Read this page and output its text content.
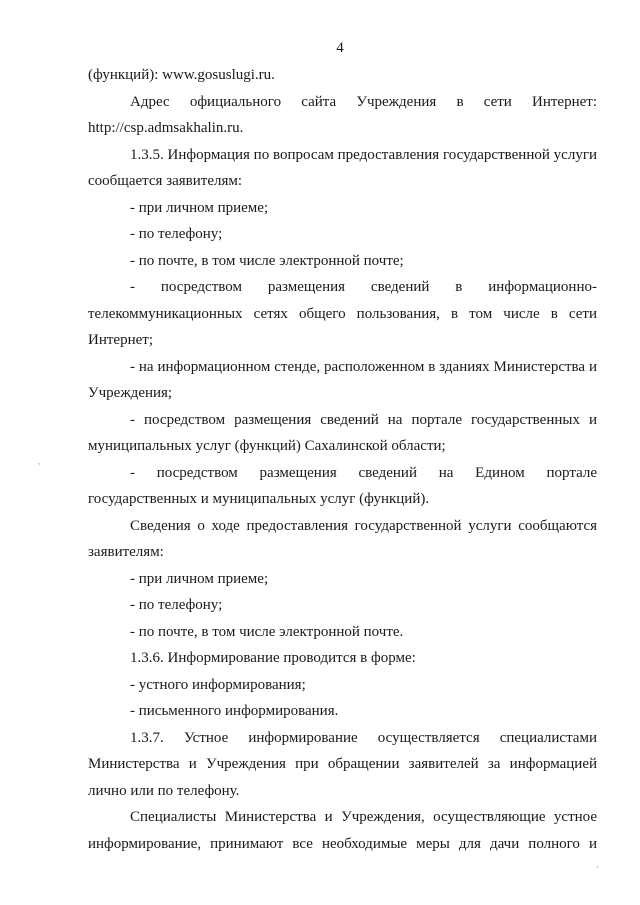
4

(функций): www.gosuslugi.ru.

Адрес официального сайта Учреждения в сети Интернет: http://csp.admsakhalin.ru.

1.3.5. Информация по вопросам предоставления государственной услуги сообщается заявителям:

- при личном приеме;

- по телефону;

- по почте, в том числе электронной почте;

- посредством размещения сведений в информационно-

телекоммуникационных сетях общего пользования, в том числе в сети Интернет;

- на информационном стенде, расположенном в зданиях Министерства и Учреждения;

- посредством размещения сведений на портале государственных и муниципальных услуг (функций) Сахалинской области;

- посредством размещения сведений на Едином портале государственных и муниципальных услуг (функций).

Сведения о ходе предоставления государственной услуги сообщаются заявителям:

- при личном приеме;

- по телефону;

- по почте, в том числе электронной почте.

1.3.6. Информирование проводится в форме:

- устного информирования;

- письменного информирования.

1.3.7. Устное информирование осуществляется специалистами Министерства и Учреждения при обращении заявителей за информацией лично или по телефону.

Специалисты Министерства и Учреждения, осуществляющие устное информирование, принимают все необходимые меры для дачи полного и

‵
·
